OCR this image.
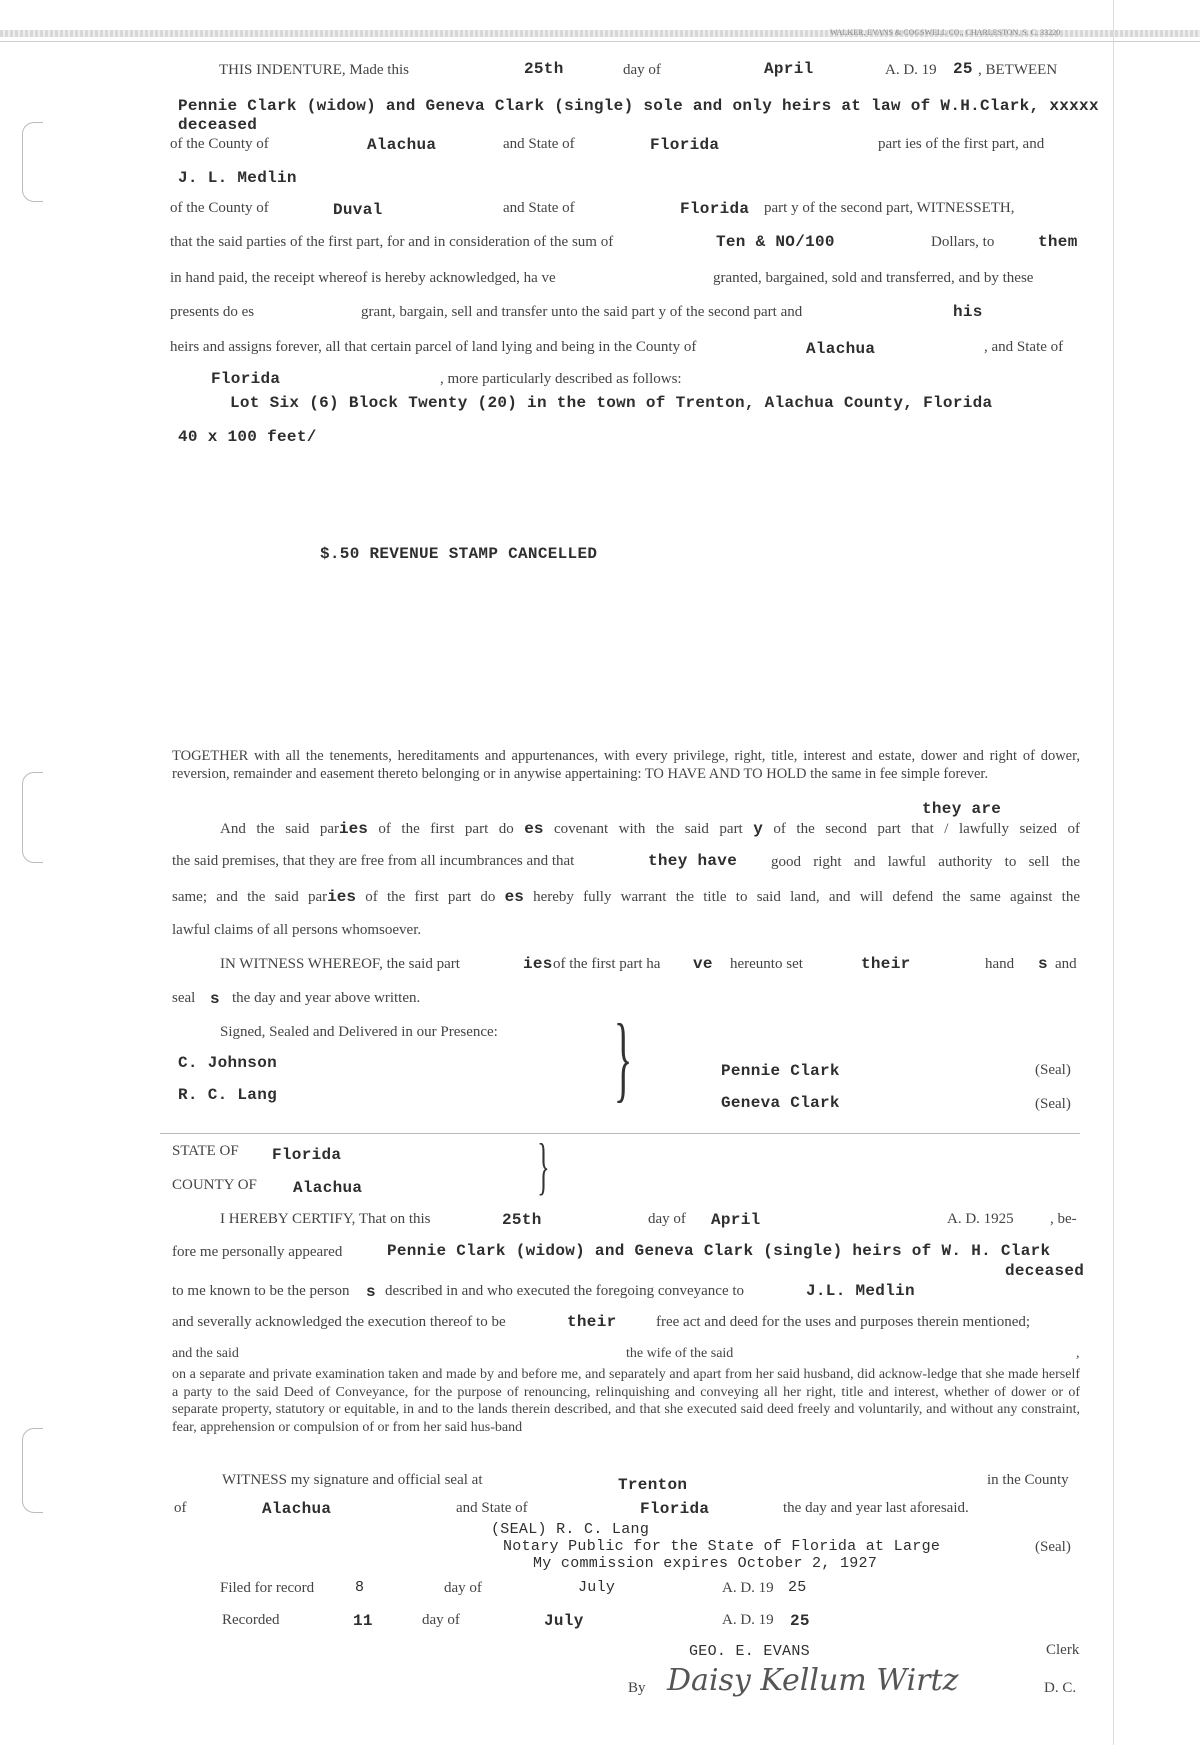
WALKER, EVANS & COGSWELL CO., CHARLESTON, S. C. 33220
THIS INDENTURE, Made this	25th	day of	April	A. D. 19 25 , BETWEEN
Pennie Clark (widow) and Geneva Clark (single) sole and only heirs at law of W.H.Clark, xxxxx
deceased
of the County of	Alachua	and State of	Florida	part ies of the first part, and
J. L. Medlin
of the County of	Duval	and State of	Florida part y of the second part, WITNESSETH,
that the said parties of the first part, for and in consideration of the sum of	Ten & NO/100	Dollars, to	them
in hand paid, the receipt whereof is hereby acknowledged, ha ve	granted, bargained, sold and transferred, and by these
presents do es	grant, bargain, sell and transfer unto the said part y of the second part and	his
heirs and assigns forever, all that certain parcel of land lying and being in the County of	Alachua	, and State of
Florida	, more particularly described as follows:
Lot Six (6) Block Twenty (20) in the town of Trenton, Alachua County, Florida
40 x 100 feet/
$.50 REVENUE STAMP CANCELLED
TOGETHER with all the tenements, hereditaments and appurtenances, with every privilege, right, title, interest and estate, dower and right of dower, reversion, remainder and easement thereto belonging or in anywise appertaining: TO HAVE AND TO HOLD the same in fee simple forever.
they are
And the said paries of the first part do es covenant with the said part y of the second part that / lawfully seized of
the said premises, that they are free from all incumbrances and that	they have good right and lawful authority to sell the
same; and the said paries of the first part do es hereby fully warrant the title to said land, and will defend the same against the
lawful claims of all persons whomsoever.
IN WITNESS WHEREOF, the said part	ies of the first part ha ve hereunto set	their	hand s and
seal s the day and year above written.
Signed, Sealed and Delivered in our Presence:
C. Johnson
R. C. Lang	}	Pennie Clark	(Seal)
Geneva Clark	(Seal)
STATE OF Florida
COUNTY OF Alachua	}
I HEREBY CERTIFY, That on this	25th	day of April	A. D. 1925 , be-
fore me personally appeared	Pennie Clark (widow) and Geneva Clark (single) heirs of W. H. Clark
deceased
to me known to be the person s described in and who executed the foregoing conveyance to	J.L. Medlin
and severally acknowledged the execution thereof to be	their	free act and deed for the uses and purposes therein mentioned;
and the said	the wife of the said	,
on a separate and private examination taken and made by and before me, and separately and apart from her said husband, did acknow-ledge that she made herself a party to the said Deed of Conveyance, for the purpose of renouncing, relinquishing and conveying all her right, title and interest, whether of dower or of separate property, statutory or equitable, in and to the lands therein described, and that she executed said deed freely and voluntarily, and without any constraint, fear, apprehension or compulsion of or from her said hus-band
WITNESS my signature and official seal at	Trenton	in the County
of	Alachua	and State of	Florida	the day and year last aforesaid.
(SEAL) R. C. Lang
Notary Public for the State of Florida at Large
My commission expires October 2, 1927
(Seal)
Filed for record	8	day of	July	A. D. 19 25
Recorded	11	day of	July	A. D. 19 25
GEO. E. EVANS	Clerk
By Daisy Kellum Wirtz	D. C.
